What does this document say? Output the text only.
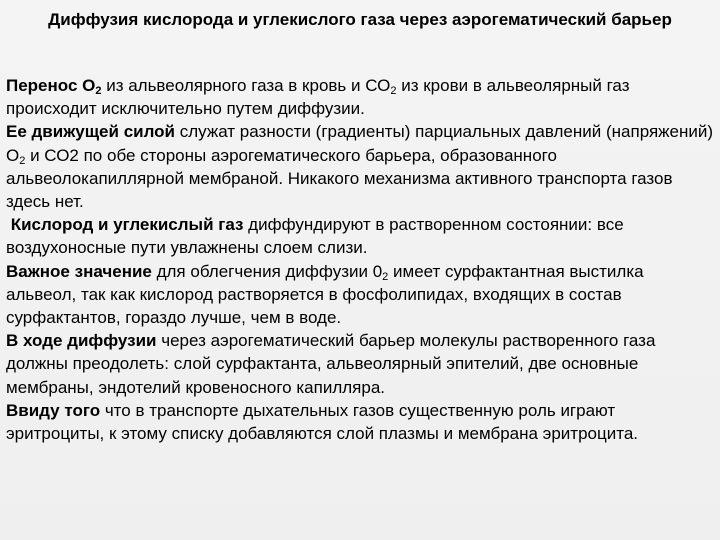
Диффузия кислорода и углекислого газа через аэрогематический барьер

Перенос $О_2$ из альвеолярного газа в кровь и $СО_2$ из крови в альвеолярный газ происходит исключительно путем диффузии.

Ее движущей силой служат разности (градиенты) парциальных давлений (напряжений) $О_2$ и СО2 по обе стороны аэрогематического барьера, образованного альвеолокапиллярной мембраной. Никакого механизма активного транспорта газов здесь нет.

Кислород и углекислый газ диффундируют в растворенном состоянии: все воздухоносные пути увлажнены слоем слизи.

Важное значение для облегчения диффузии $0_2$ имеет сурфактантная выстилка альвеол, так как кислород растворяется в фосфолипидах, входящих в состав сурфактантов, гораздо лучше, чем в воде.

В ходе диффузии через аэрогематический барьер молекулы растворенного газа должны преодолеть: слой сурфактанта, альвеолярный эпителий, две основные мембраны, эндотелий кровеносного капилляра.

Ввиду того что в транспорте дыхательных газов существенную роль играют эритроциты, к этому списку добавляются слой плазмы и мембрана эритроцита.
